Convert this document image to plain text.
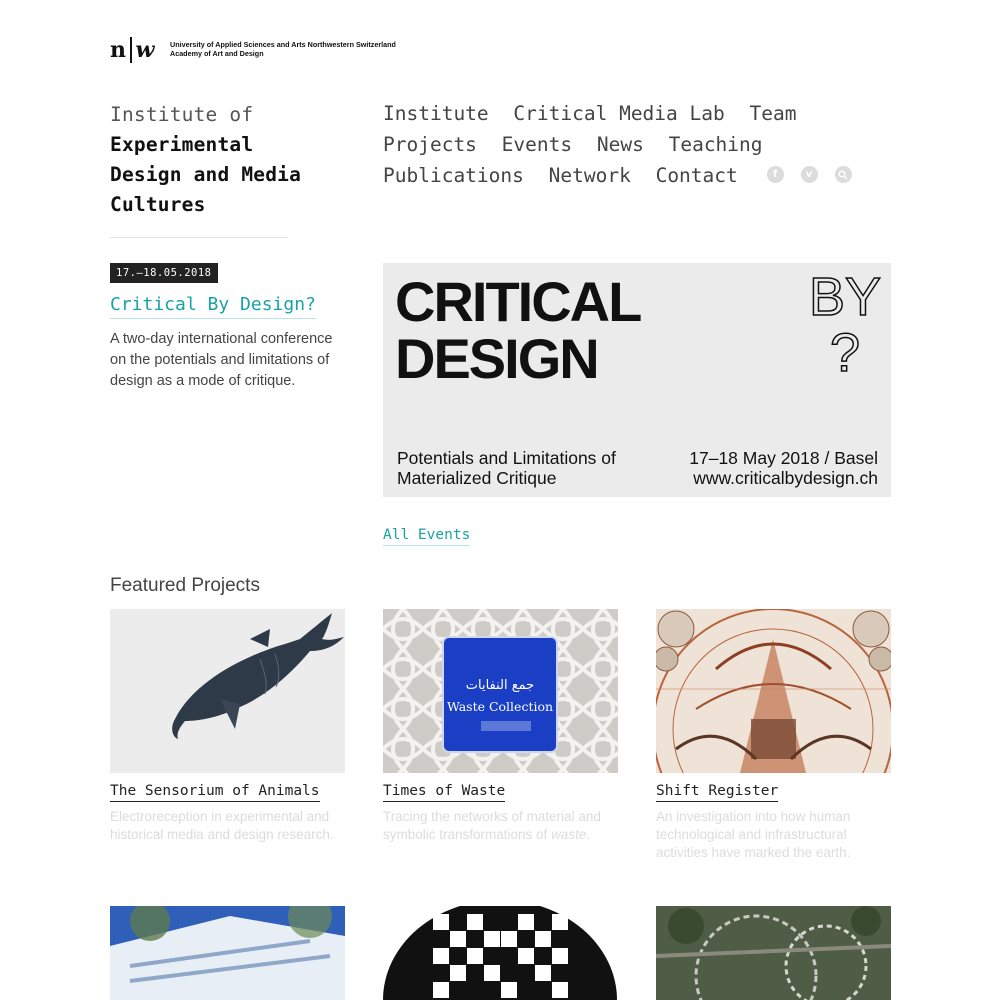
n w University of Applied Sciences and Arts Northwestern Switzerland
Academy of Art and Design
Institute of
Experimental
Design and Media
Cultures
Institute Critical Media Lab Team Projects Events News Teaching Publications Network Contact	f	v
17.–18.05.2018
Critical By Design?
A two-day international conference on the potentials and limitations of design as a mode of critique.
CRITICAL
DESIGN
BY
?
Potentials and Limitations of
Materialized Critique
17–18 May 2018 / Basel
www.criticalbydesign.ch
All Events
Featured Projects
The Sensorium of Animals
Electroreception in experimental and historical media and design research.
جمع النفايات
Waste Collection
Times of Waste
Tracing the networks of material and symbolic transformations of waste.
Shift Register
An investigation into how human technological and infrastructural activities have marked the earth.
